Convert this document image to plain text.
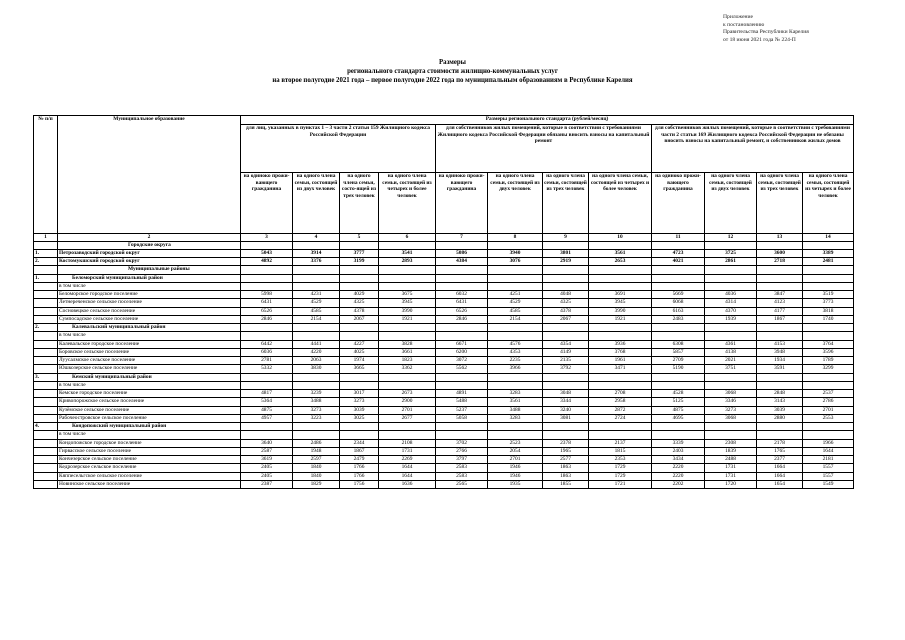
Приложение
к постановлению
Правительства Республики Карелия
от 18 июня 2021 года № 224-П
Размеры
регионального стандарта стоимости жилищно-коммунальных услуг
на второе полугодие 2021 года – первое полугодие 2022 года по муниципальным образованиям в Республике Карелия
№ п/п	Муниципальное образование	Размеры регионального стандарта (рублей/месяц)											
		для лиц, указанных в пунктах 1 – 3 части 2 статьи 159 Жилищного кодекса Российской Федерации				для собственников жилых помещений, которые в соответствии с требованиями Жилищного кодекса Российской Федерации обязаны вносить взносы на капитальный ремонт				для собственников жилых помещений, которые в соответствии с требованиями части 2 статьи 169 Жилищного кодекса Российской Федерации не обязаны вносить взносы на капитальный ремонт, и собственников жилых домов			
		на одиноко прожи-вающего гражданина	на одного члена семьи, состоящей из двух человек	на одного члена семьи, состо-ящей из трех человек	на одного члена семьи, состоящей из четырех и более человек	на одиноко прожи-вающего гражданина	на одного члена семьи, состоящей из двух человек	на одного члена семьи, состоящей из трех человек	на одного члена семьи, состоящей из четырех и более человек	на одиноко прожи-вающего гражданина	на одного члена семьи, состоящей из двух человек	на одного члена семьи, состоящей из трех человек	на одного члена семьи, состоящей из четырех и более человек
1	2	3	4	5	6	7	8	9	10	11	12	13	14
	Городские округа												
1.	Петрозаводский городской округ	5043	3914	3777	3541	5086	3940	3801	3561	4723	3725	3600	3389
2.	Костомукшский городской округ	4892	3376	3199	2893	4384	3076	2919	2653	4021	2861	2718	2481
	Муниципальные районы												
1.	Беломорский муниципальный район												
	в том числе												
	Беломорское городское поселение	5998	4231	4029	3675	6032	4251	4048	3691	5669	4036	3847	3519
	Летнереченское сельское поселение	6431	4529	4325	3945	6431	4529	4325	3945	6068	4314	4123	3773
	Сосновецкое сельское поселение	6526	4585	4378	3990	6526	4585	4378	3990	6163	4370	4177	3818
	Сумпосадское сельское поселение	2846	2154	2067	1921	2846	2154	2067	1921	2483	1939	1867	1740
2.	Калевальский муниципальный район												
	в том числе												
	Калевальское городское поселение	6442	4441	4227	3828	6671	4576	4354	3936	6308	4361	4153	3764
	Боровское сельское поселение	6036	4220	4025	3661	6200	4353	4149	3768	5857	4138	3948	3596
	Луусалмское сельское поселение	2781	2063	1974	1823	3072	2235	2135	1961	2709	2021	1934	1789
	Юшкозерское сельское поселение	5332	3830	3665	3362	5562	3966	3792	3471	5190	3751	3591	3299
3.	Кемский муниципальный район												
	в том числе												
	Кемское городское поселение	4817	3239	3017	2673	4891	3283	3048	2708	4528	3068	2848	2537
	Кривопорожское сельское поселение	5364	3488	3273	2900	5488	3561	3344	2958	5125	3346	3143	2786
	Кузёмское сельское поселение	4875	3273	3039	2701	5237	3488	3240	2872	4875	3273	3039	2701
	Рабочеостровское сельское поселение	4957	3223	3025	2677	5058	3283	3081	2724	4695	3068	2880	2553
4.	Кондопожский муниципальный район												
	в том числе												
	Кондопожское городское поселение	3640	2486	2344	2108	3702	2523	2378	2137	3339	2308	2178	1966
	Гирвасское сельское поселение	2587	1948	1867	1731	2766	2054	1965	1815	2403	1839	1765	1644
	Кончезерское сельское поселение	3619	2597	2479	2269	3797	2701	2577	2353	3434	2488	2377	2181
	Кедрозерское сельское поселение	2405	1840	1766	1644	2583	1946	1863	1729	2220	1731	1664	1557
	Кяппесельгское сельское поселение	2405	1840	1766	1644	2583	1946	1863	1729	2220	1731	1664	1557
	Новинское сельское поселение	2387	1829	1756	1636	2565	1935	1855	1721	2202	1720	1654	1549
